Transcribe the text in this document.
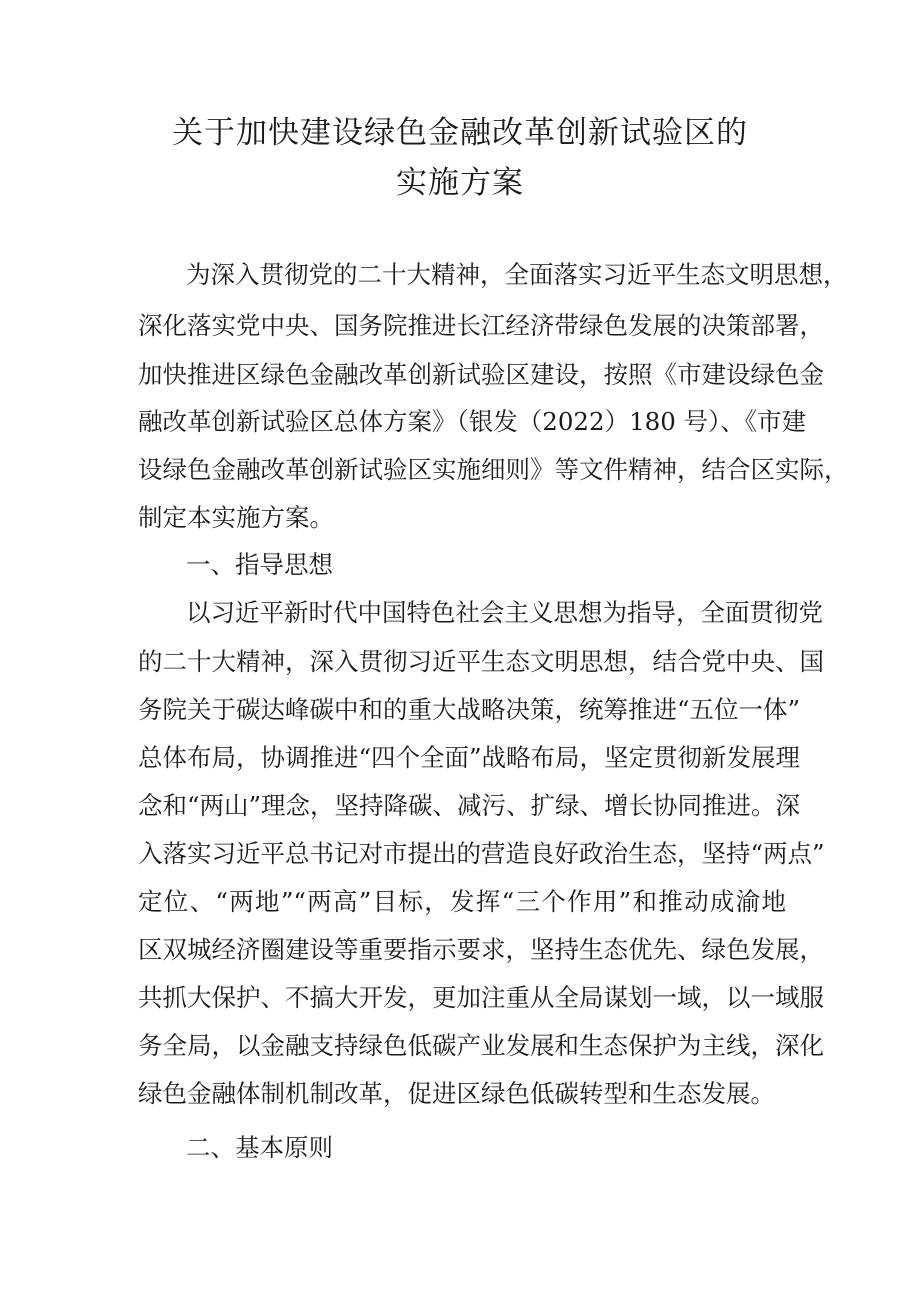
关于加快建设绿色金融改革创新试验区的
实施方案
为深入贯彻党的二十大精神，全面落实习近平生态文明思想，
深化落实党中央、国务院推进长江经济带绿色发展的决策部署，
加快推进区绿色金融改革创新试验区建设，按照《市建设绿色金
融改革创新试验区总体方案》（银发（2022）180 号）、《市建
设绿色金融改革创新试验区实施细则》等文件精神，结合区实际，
制定本实施方案。
一、指导思想
以习近平新时代中国特色社会主义思想为指导，全面贯彻党
的二十大精神，深入贯彻习近平生态文明思想，结合党中央、国
务院关于碳达峰碳中和的重大战略决策，统筹推进“五位一体”
总体布局，协调推进“四个全面”战略布局，坚定贯彻新发展理
念和“两山”理念，坚持降碳、减污、扩绿、增长协同推进。深
入落实习近平总书记对市提出的营造良好政治生态，坚持“两点”
定位、“两地”“两高”目标，发挥“三个作用”和推动成渝地
区双城经济圈建设等重要指示要求，坚持生态优先、绿色发展，
共抓大保护、不搞大开发，更加注重从全局谋划一域，以一域服
务全局，以金融支持绿色低碳产业发展和生态保护为主线，深化
绿色金融体制机制改革，促进区绿色低碳转型和生态发展。
二、基本原则
